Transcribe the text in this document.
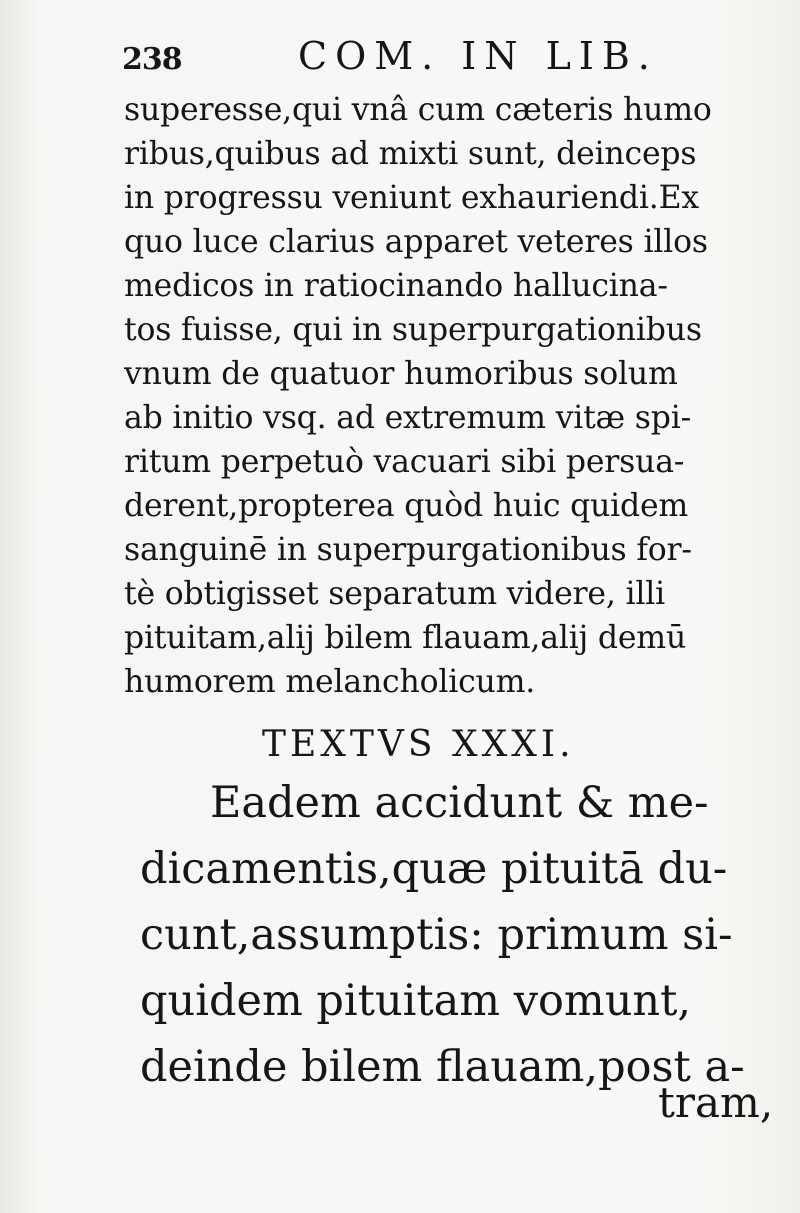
238	COM. IN LIB.
superesse,qui vnâ cum cæteris humo
ribus,quibus ad mixti sunt, deinceps
in progressu veniunt exhauriendi.Ex
quo luce clarius apparet veteres illos
medicos in ratiocinando hallucina-
tos fuisse, qui in superpurgationibus
vnum de quatuor humoribus solum
ab initio vsq. ad extremum vitæ spi-
ritum perpetuò vacuari sibi persua-
derent,propterea quòd huic quidem
sanguinē in superpurgationibus for-
tè obtigisset separatum videre, illi
pituitam,alij bilem flauam,alij demū
humorem melancholicum.
TEXTVS XXXI.
Eadem accidunt & me-
dicamentis,quæ pituitā du-
cunt,assumptis: primum si-
quidem pituitam vomunt,
deinde bilem flauam,post a-
tram,
